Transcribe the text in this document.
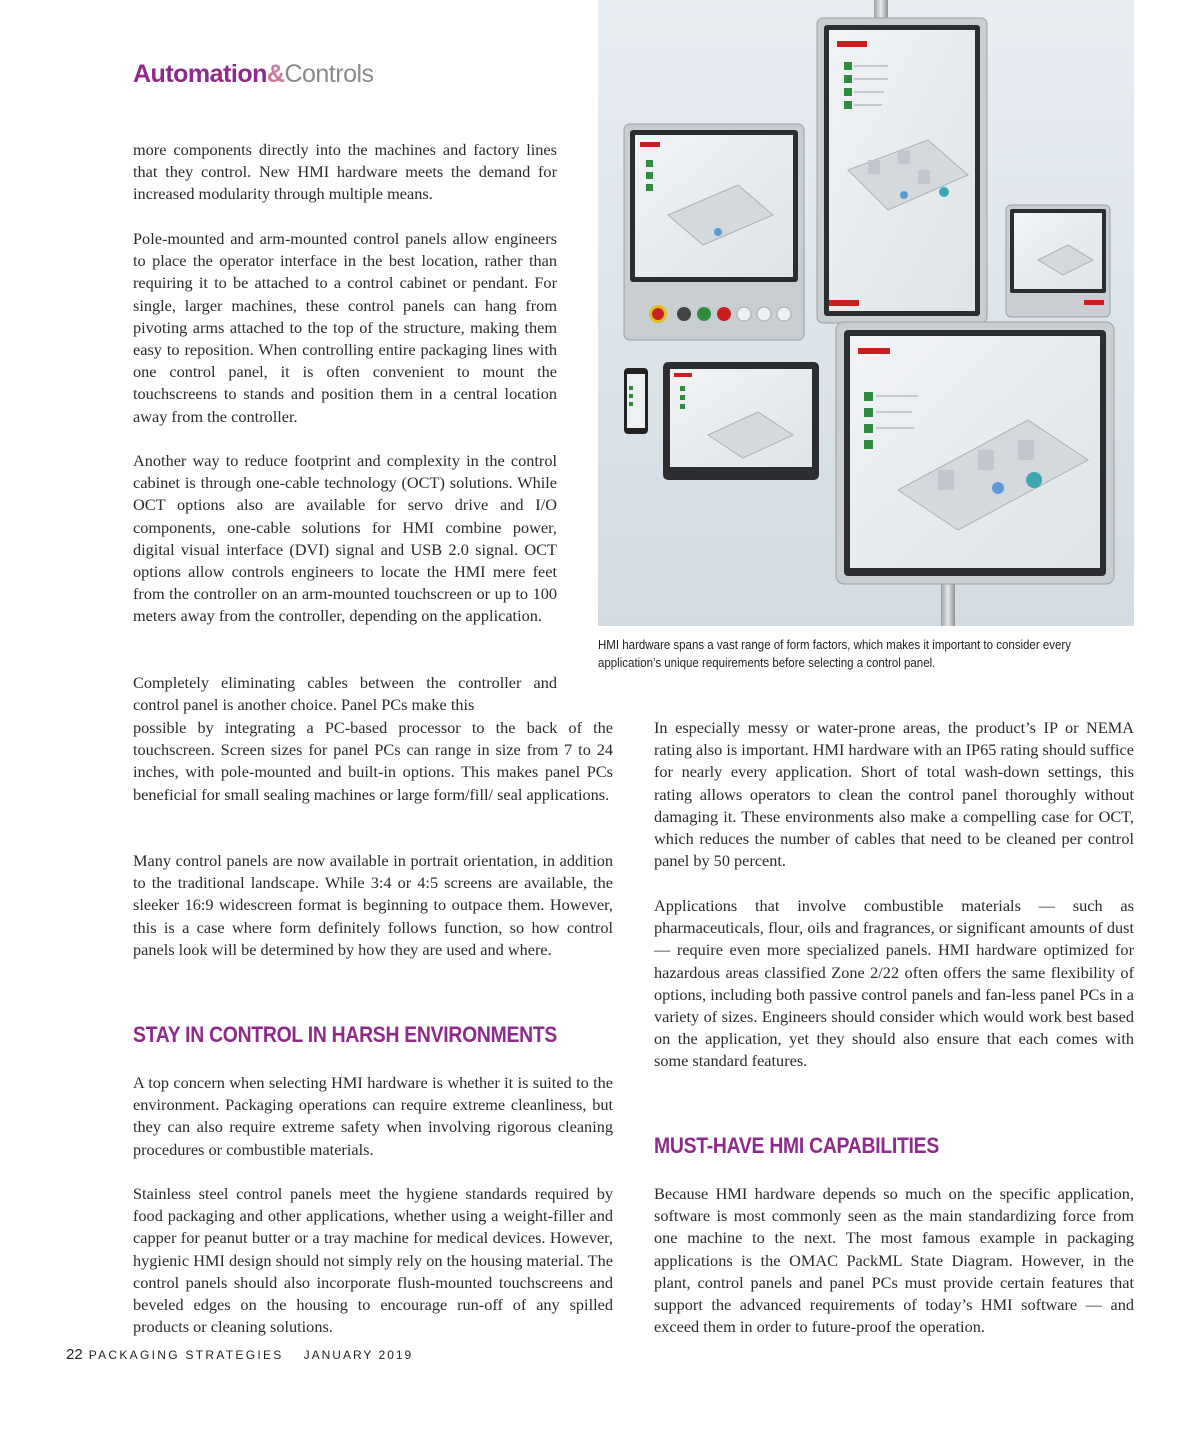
Automation&Controls

more components directly into the machines and factory lines that they control. New HMI hardware meets the demand for increased modularity through multiple means.

Pole-mounted and arm-mounted control panels allow engineers to place the operator interface in the best location, rather than requiring it to be attached to a control cabinet or pendant. For single, larger machines, these control panels can hang from pivoting arms attached to the top of the structure, making them easy to reposition. When controlling entire packaging lines with one control panel, it is often convenient to mount the touchscreens to stands and position them in a central location away from the controller.

Another way to reduce footprint and complexity in the control cabinet is through one-cable technology (OCT) solutions. While OCT options also are available for servo drive and I/O components, one-cable solutions for HMI combine power, digital visual interface (DVI) signal and USB 2.0 signal. OCT options allow controls engineers to locate the HMI mere feet from the controller on an arm-mounted touchscreen or up to 100 meters away from the controller, depending on the application.

Completely eliminating cables between the controller and control panel is another choice. Panel PCs make this

possible by integrating a PC-based processor to the back of the touchscreen. Screen sizes for panel PCs can range in size from 7 to 24 inches, with pole-mounted and built-in options. This makes panel PCs beneficial for small sealing machines or large form/fill/ seal applications.

Many control panels are now available in portrait orientation, in addition to the traditional landscape. While 3:4 or 4:5 screens are available, the sleeker 16:9 widescreen format is beginning to outpace them. However, this is a case where form definitely follows function, so how control panels look will be determined by how they are used and where.

STAY IN CONTROL IN HARSH ENVIRONMENTS

A top concern when selecting HMI hardware is whether it is suited to the environment. Packaging operations can require extreme cleanliness, but they can also require extreme safety when involving rigorous cleaning procedures or combustible materials.

Stainless steel control panels meet the hygiene standards required by food packaging and other applications, whether using a weight-filler and capper for peanut butter or a tray machine for medical devices. However, hygienic HMI design should not simply rely on the housing material. The control panels should also incorporate flush-mounted touchscreens and beveled edges on the housing to encourage run-off of any spilled products or cleaning solutions.

HMI hardware spans a vast range of form factors, which makes it important to consider every application’s unique requirements before selecting a control panel.

In especially messy or water-prone areas, the product’s IP or NEMA rating also is important. HMI hardware with an IP65 rating should suffice for nearly every application. Short of total wash-down settings, this rating allows operators to clean the control panel thoroughly without damaging it. These environments also make a compelling case for OCT, which reduces the number of cables that need to be cleaned per control panel by 50 percent.

Applications that involve combustible materials — such as pharmaceuticals, flour, oils and fragrances, or significant amounts of dust — require even more specialized panels. HMI hardware optimized for hazardous areas classified Zone 2/22 often offers the same flexibility of options, including both passive control panels and fan-less panel PCs in a variety of sizes. Engineers should consider which would work best based on the application, yet they should also ensure that each comes with some standard features.

MUST-HAVE HMI CAPABILITIES

Because HMI hardware depends so much on the specific application, software is most commonly seen as the main standardizing force from one machine to the next. The most famous example in packaging applications is the OMAC PackML State Diagram. However, in the plant, control panels and panel PCs must provide certain features that support the advanced requirements of today’s HMI software — and exceed them in order to future-proof the operation.

22 PACKAGING STRATEGIES JANUARY 2019
